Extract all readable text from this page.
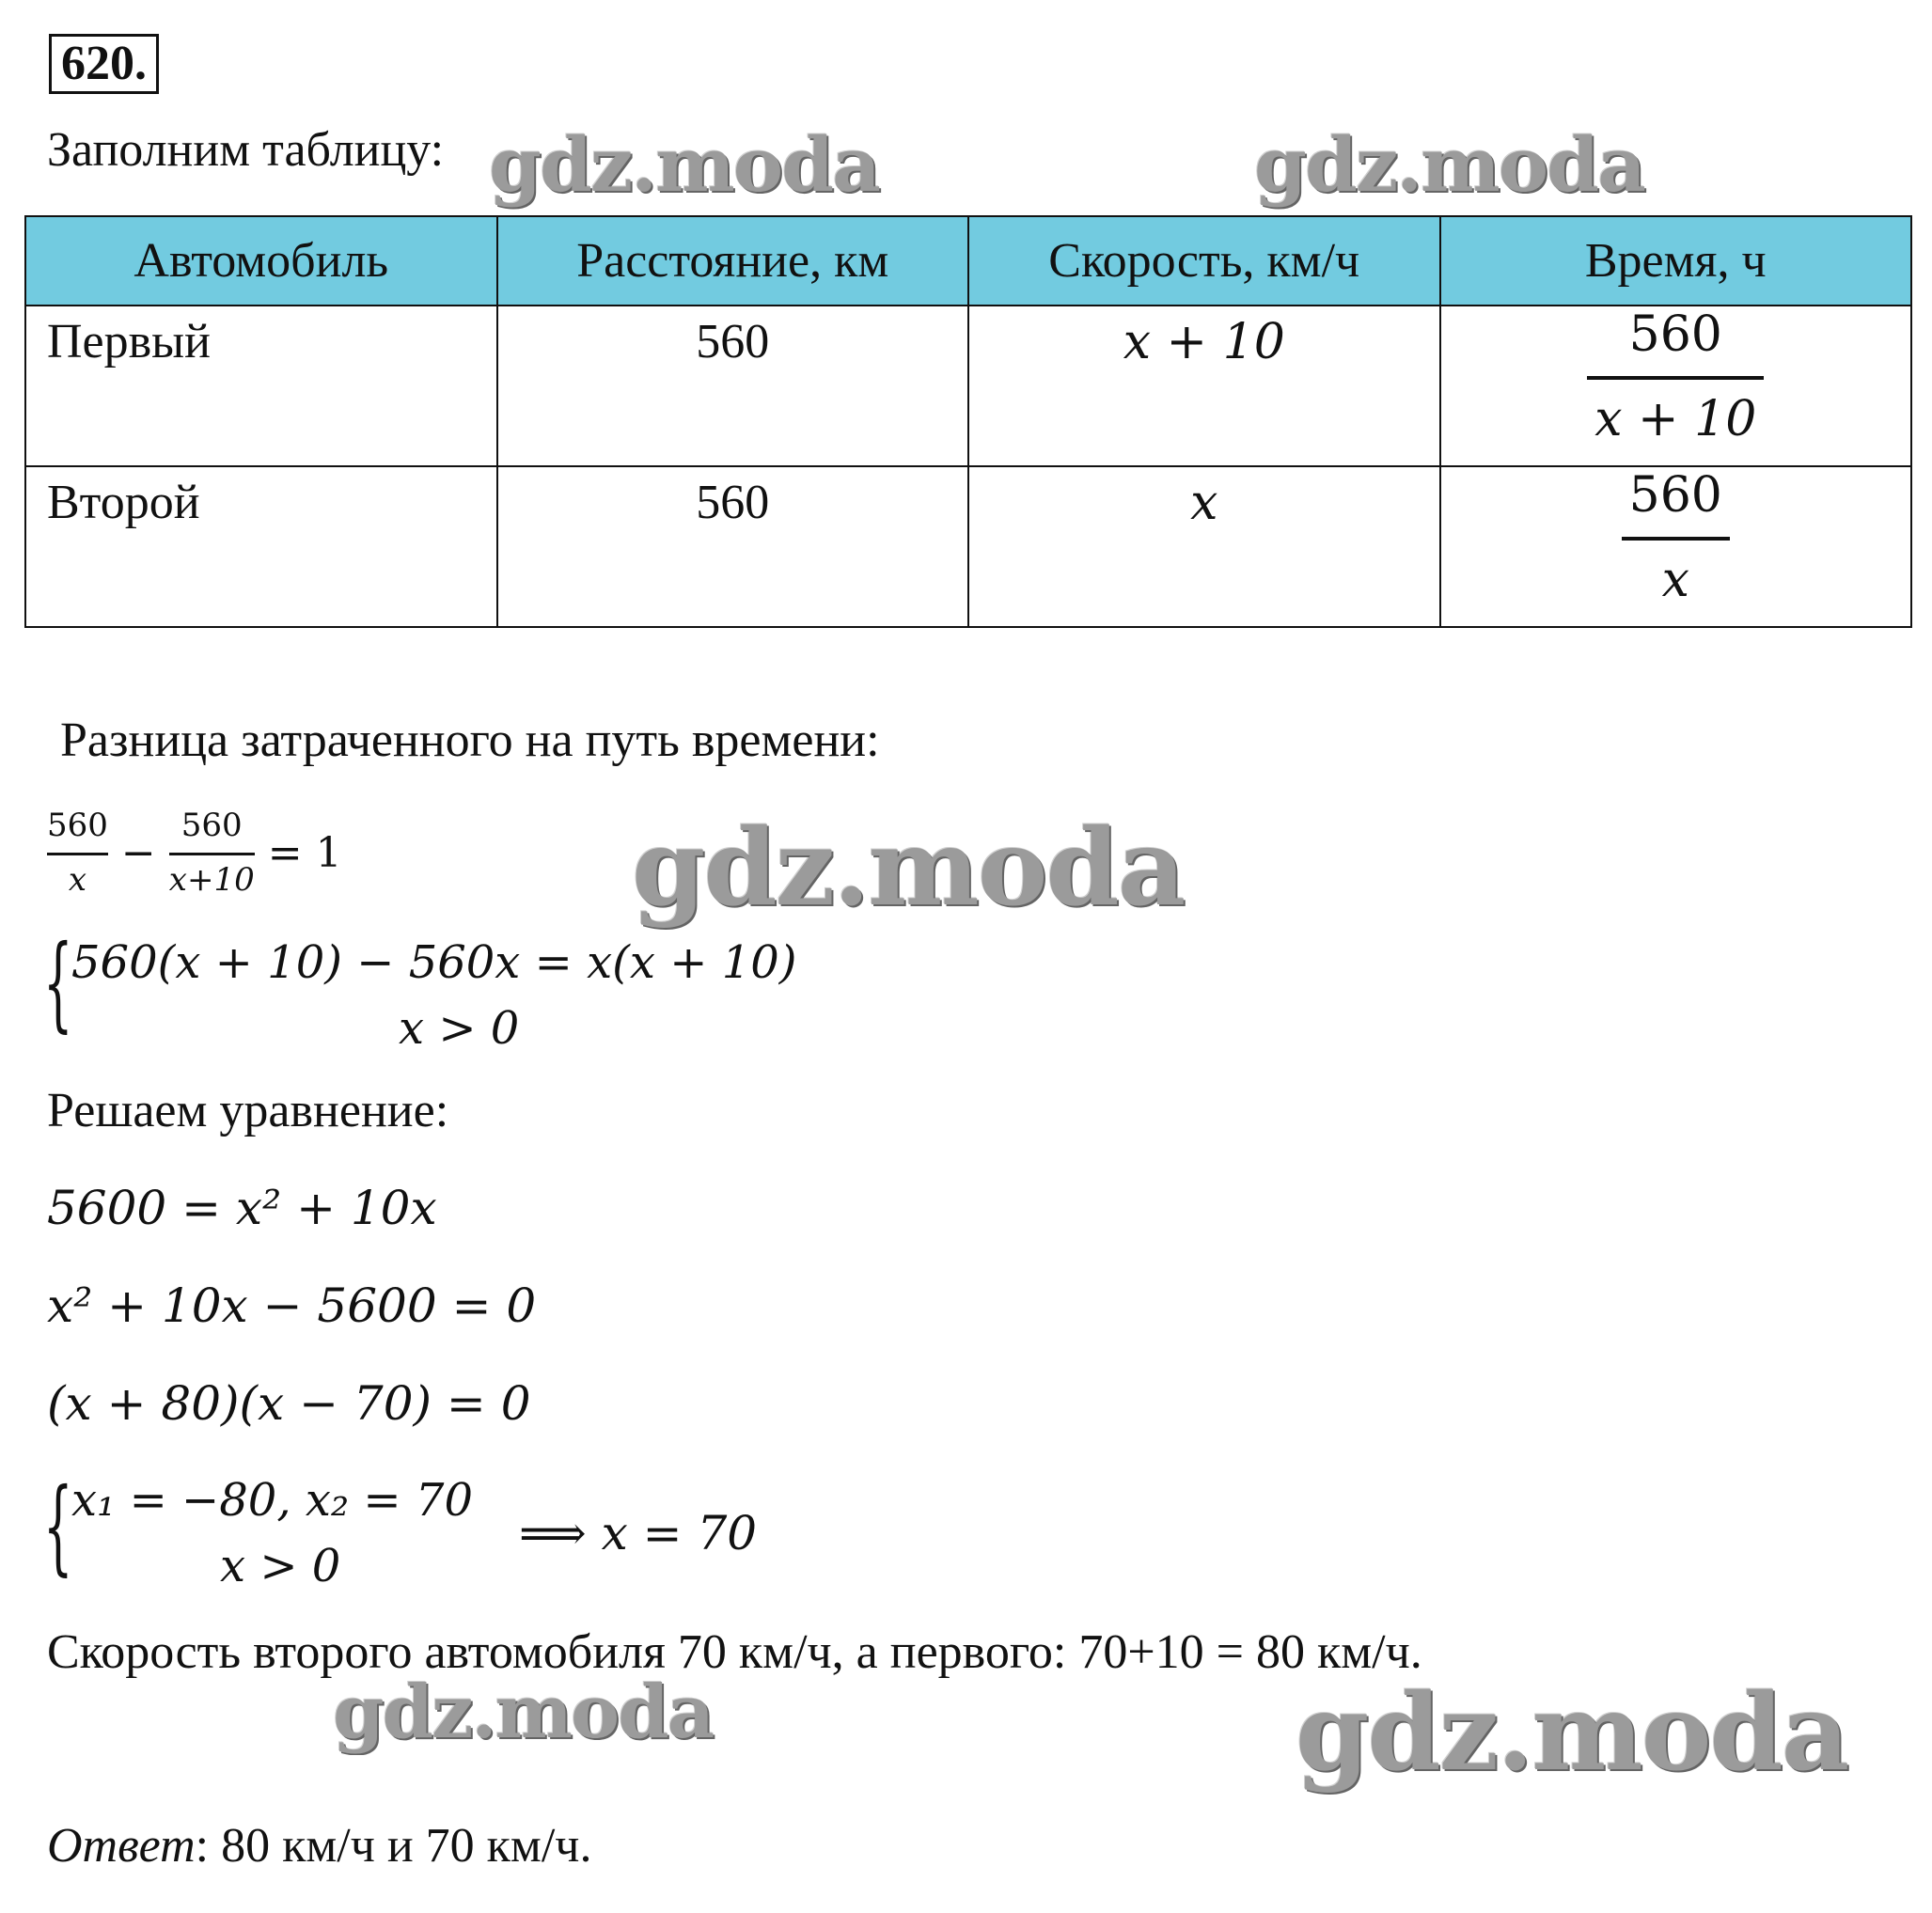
620.
Заполним таблицу:
Автомобиль	Расстояние, км	Скорость, км/ч	Время, ч
Первый	560	x + 10	$\frac{560}{x + 10}$

Второй	560	x	$\frac{560}{x}$
Разница затраченного на путь времени:
560
x
−
560
x+10
= 1
{
560(x + 10) − 560x = x(x + 10)
x > 0
Решаем уравнение:
5600 = x² + 10x
x² + 10x − 5600 = 0
(x + 80)(x − 70) = 0
{
x₁ = −80, x₂ = 70
x > 0
⟹ x = 70
Скорость второго автомобиля 70 км/ч, а первого: 70+10 = 80 км/ч.
Ответ: 80 км/ч и 70 км/ч.
gdz.moda	gdz.moda
gdz.moda
gdz.moda	gdz.moda
